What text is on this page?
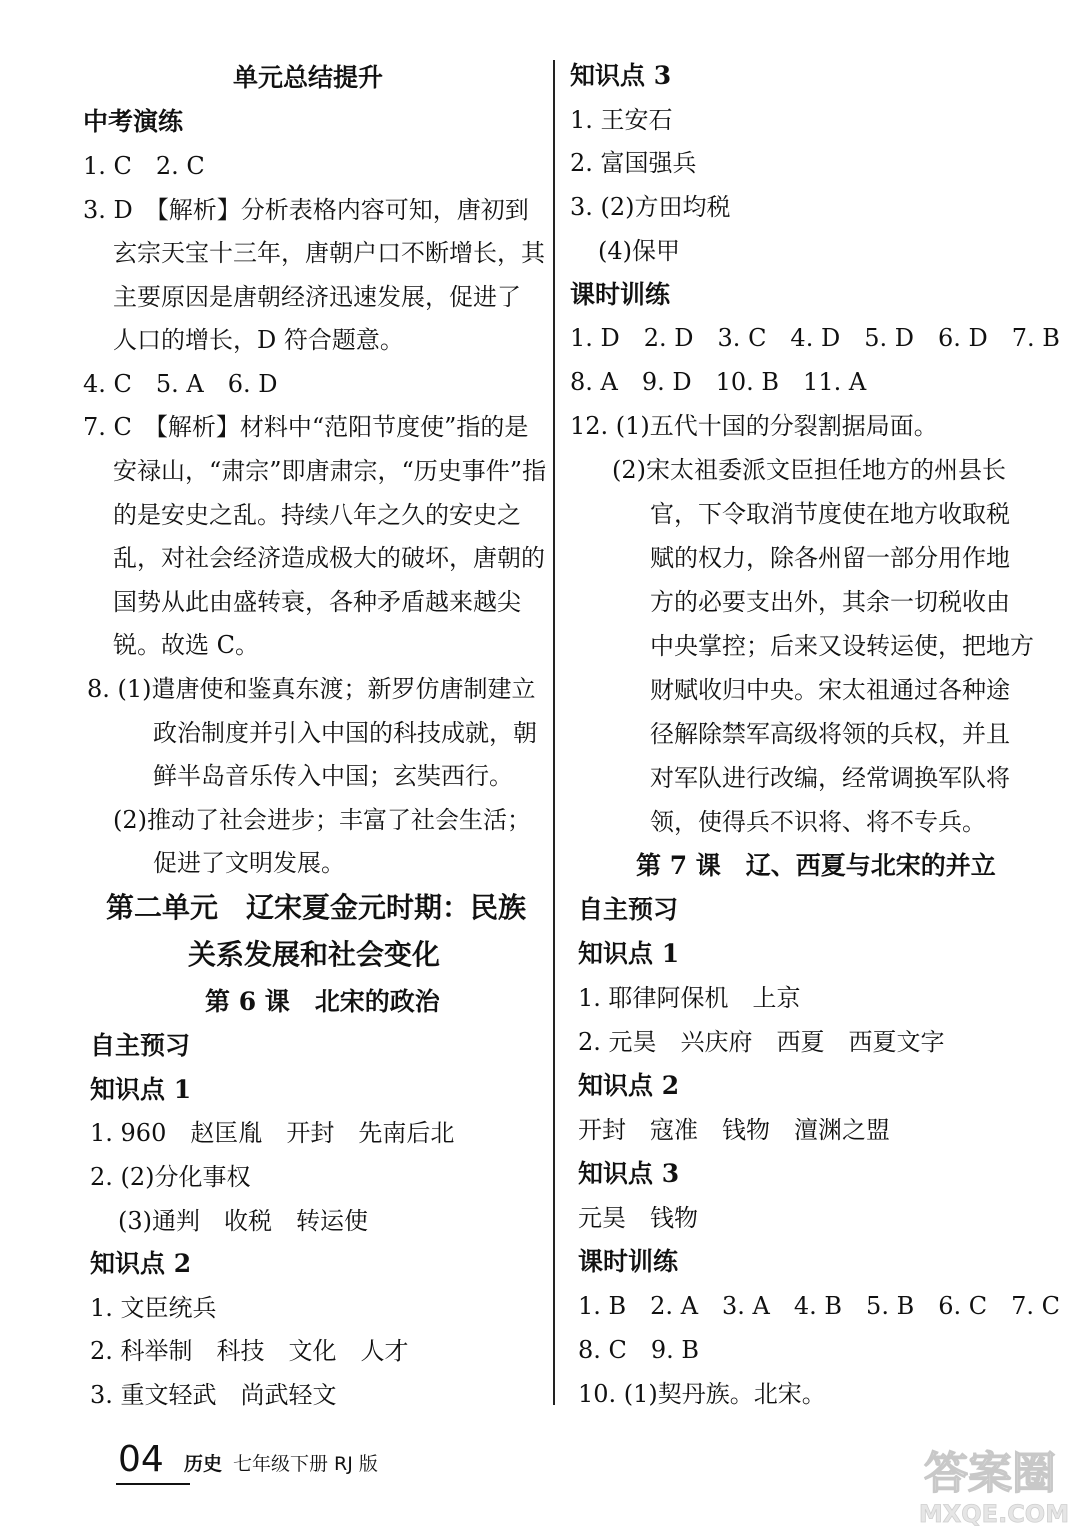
单元总结提升
中考演练
1. C　2. C
3. D　【解析】分析表格内容可知，唐初到
玄宗天宝十三年，唐朝户口不断增长，其
主要原因是唐朝经济迅速发展，促进了
人口的增长，D 符合题意。
4. C　5. A　6. D
7. C　【解析】材料中“范阳节度使”指的是
安禄山，“肃宗”即唐肃宗，“历史事件”指
的是安史之乱。持续八年之久的安史之
乱，对社会经济造成极大的破坏，唐朝的
国势从此由盛转衰，各种矛盾越来越尖
锐。故选 C。
8. (1)遣唐使和鉴真东渡；新罗仿唐制建立
政治制度并引入中国的科技成就，朝
鲜半岛音乐传入中国；玄奘西行。
(2)推动了社会进步；丰富了社会生活；
促进了文明发展。
第二单元　辽宋夏金元时期：民族
关系发展和社会变化
第 6 课　北宋的政治
自主预习
知识点 1
1. 960　赵匡胤　开封　先南后北
2. (2)分化事权
(3)通判　收税　转运使
知识点 2
1. 文臣统兵
2. 科举制　科技　文化　人才
3. 重文轻武　尚武轻文
知识点 3
1. 王安石
2. 富国强兵
3. (2)方田均税
(4)保甲
课时训练
1. D　2. D　3. C　4. D　5. D　6. D　7. B
8. A　9. D　10. B　11. A
12. (1)五代十国的分裂割据局面。
(2)宋太祖委派文臣担任地方的州县长
官，下令取消节度使在地方收取税
赋的权力，除各州留一部分用作地
方的必要支出外，其余一切税收由
中央掌控；后来又设转运使，把地方
财赋收归中央。宋太祖通过各种途
径解除禁军高级将领的兵权，并且
对军队进行改编，经常调换军队将
领，使得兵不识将、将不专兵。
第 7 课　辽、西夏与北宋的并立
自主预习
知识点 1
1. 耶律阿保机　上京
2. 元昊　兴庆府　西夏　西夏文字
知识点 2
开封　寇准　钱物　澶渊之盟
知识点 3
元昊　钱物
课时训练
1. B　2. A　3. A　4. B　5. B　6. C　7. C
8. C　9. B
10. (1)契丹族。北宋。
04 历史 七年级下册 RJ 版	答案圈
MXQE.COM
